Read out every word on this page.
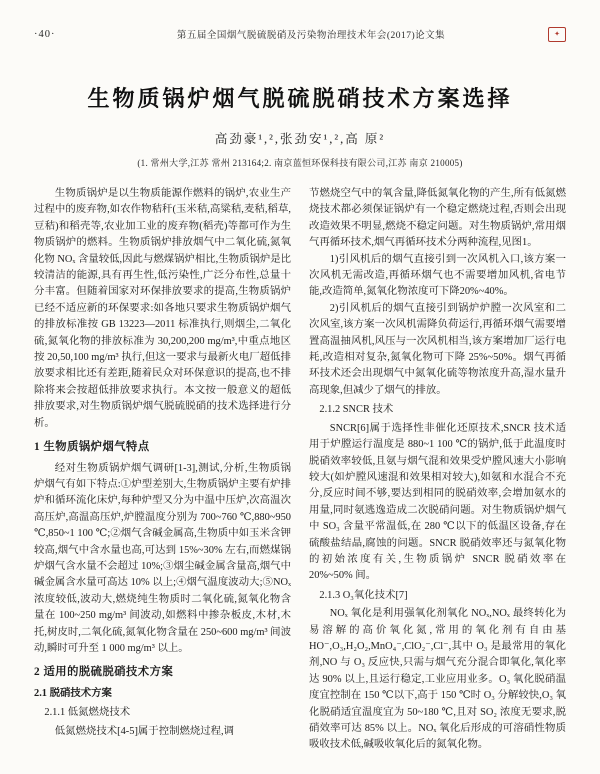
·40·	第五届全国烟气脱硫脱硝及污染物治理技术年会(2017)论文集	✦
生物质锅炉烟气脱硫脱硝技术方案选择
高劲豪¹,²,张劲安¹,²,高 原²
(1. 常州大学,江苏 常州 213164;2. 南京蓝恒环保科技有限公司,江苏 南京 210005)
生物质锅炉是以生物质能源作燃料的锅炉,农业生产过程中的废弃物,如农作物秸秆(玉米秸,高粱秸,麦秸,稻草,豆秸)和稻壳等,农业加工业的废弃物(稻壳)等都可作为生物质锅炉的燃料。生物质锅炉排放烟气中二氧化硫,氮氧化物 NOₓ 含量较低,因此与燃煤锅炉相比,生物质锅炉是比较清洁的能源,具有再生性,低污染性,广泛分布性,总量十分丰富。但随着国家对环保排放要求的提高,生物质锅炉已经不适应新的环保要求:如各地只要求生物质锅炉烟气的排放标准按 GB 13223—2011 标准执行,则烟尘,二氧化硫,氮氧化物的排放标准为 30,200,200 mg/m³,中重点地区按 20,50,100 mg/m³ 执行,但这一要求与最新火电厂超低排放要求相比还有差距,随着民众对环保意识的提高,也不排除将来会按超低排放要求执行。本文按一般意义的超低排放要求,对生物质锅炉烟气脱硫脱硝的技术选择进行分析。
1 生物质锅炉烟气特点
经对生物质锅炉烟气调研[1-3],测试,分析,生物质锅炉烟气有如下特点:①炉型差别大,生物质锅炉主要有炉排炉和循环流化床炉,每种炉型又分为中温中压炉,次高温次高压炉,高温高压炉,炉膛温度分别为 700~760 ℃,880~950 ℃,850~1 100 ℃;②烟气含碱金属高,生物质中如玉米含钾较高,烟气中含水量也高,可达到 15%~30% 左右,而燃煤锅炉烟气含水量不会超过 10%;③烟尘碱金属含量高,烟气中碱金属含水量可高达 10% 以上;④烟气温度波动大;⑤NOₓ 浓度较低,波动大,燃烧纯生物质时二氧化硫,氮氧化物含量在 100~250 mg/m³ 间波动,如燃料中掺杂板皮,木材,木托,树皮时,二氧化硫,氮氧化物含量在 250~600 mg/m³ 间波动,瞬时可升至 1 000 mg/m³ 以上。
2 适用的脱硫脱硝技术方案
2.1 脱硝技术方案
2.1.1 低氮燃烧技术
低氮燃烧技术[4-5]属于控制燃烧过程,调
节燃烧空气中的氧含量,降低氮氧化物的产生,所有低氮燃烧技术都必须保证锅炉有一个稳定燃烧过程,否则会出现改造效果不明显,燃烧不稳定问题。对生物质锅炉,常用烟气再循环技术,烟气再循环技术分两种流程,见图1。
1)引风机后的烟气直接引到一次风机入口,该方案一次风机无需改造,再循环烟气也不需要增加风机,省电节能,改造简单,氮氧化物浓度可下降20%~40%。
2)引风机后的烟气直接引到锅炉炉膛一次风室和二次风室,该方案一次风机需降负荷运行,再循环烟气需要增置高温抽风机,风压与一次风机相当,该方案增加厂运行电耗,改造相对复杂,氮氧化物可下降 25%~50%。烟气再循环技术还会出现烟气中氮氧化硫等物浓度升高,湿水量升高现象,但减少了烟气的排放。
2.1.2 SNCR 技术
SNCR[6]属于选择性非催化还原技术,SNCR 技术适用于炉膛运行温度是 880~1 100 ℃的锅炉,低于此温度时脱硝效率较低,且氨与烟气混和效果受炉膛风速大小影响较大(如炉膛风速混和效果相对较大),如氨和水混合不充分,反应时间不够,要达到相同的脱硝效率,会增加氨水的用量,同时氨逃逸造成二次脱硝问题。对生物质锅炉烟气中 SO₃ 含量平常温低,在 280 ℃以下的低温区设备,存在硫酸盐结晶,腐蚀的问题。SNCR 脱硝效率还与氮氧化物的初始浓度有关,生物质锅炉 SNCR 脱硝效率在 20%~50% 间。
2.1.3 O₃氧化技术[7]
NOₓ 氧化是利用强氧化剂氧化 NOₓ,NOₓ 最终转化为易溶解的高价氧化氮,常用的氧化剂有自由基 HO⁻,O₃,H₂O₂,MnO₄⁻,ClO₂⁻,Cl⁻,其中 O₃ 是最常用的氧化剂,NO 与 O₃ 反应快,只需与烟气充分混合即氧化,氧化率达 90% 以上,且运行稳定,工业应用业多。O₃ 氧化脱硝温度宜控制在 150 ℃以下,高于 150 ℃时 O₃ 分解较快,O₃ 氧化脱硝适宜温度宜为 50~180 ℃,且对 SO₂ 浓度无要求,脱硝效率可达 85% 以上。NOₓ 氧化后形成的可溶硝性物质吸收技术低,碱吸收氧化后的氮氧化物。
